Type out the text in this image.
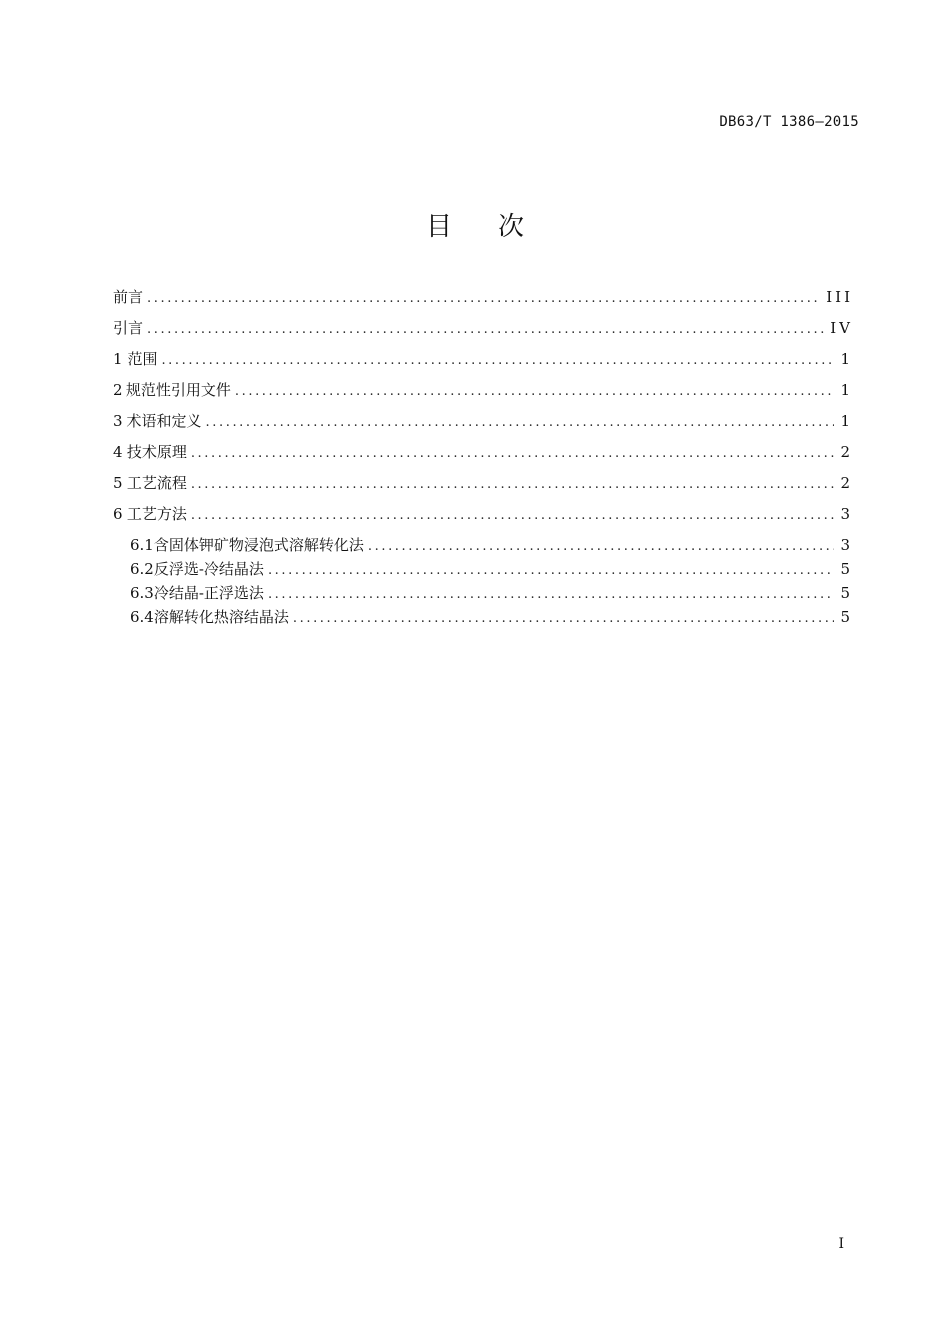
DB63/T 1386—2015
目次
前言 .....	III
引言 .....	IV
1 范围 .....	1
2 规范性引用文件 .....	1
3 术语和定义 .....	1
4 技术原理 .....	2
5 工艺流程 .....	2
6 工艺方法 .....	3
6.1 含固体钾矿物浸泡式溶解转化法 .....	3
6.2 反浮选-冷结晶法 .....	5
6.3 冷结晶-正浮选法 .....	5
6.4 溶解转化热溶结晶法 .....	5
I
